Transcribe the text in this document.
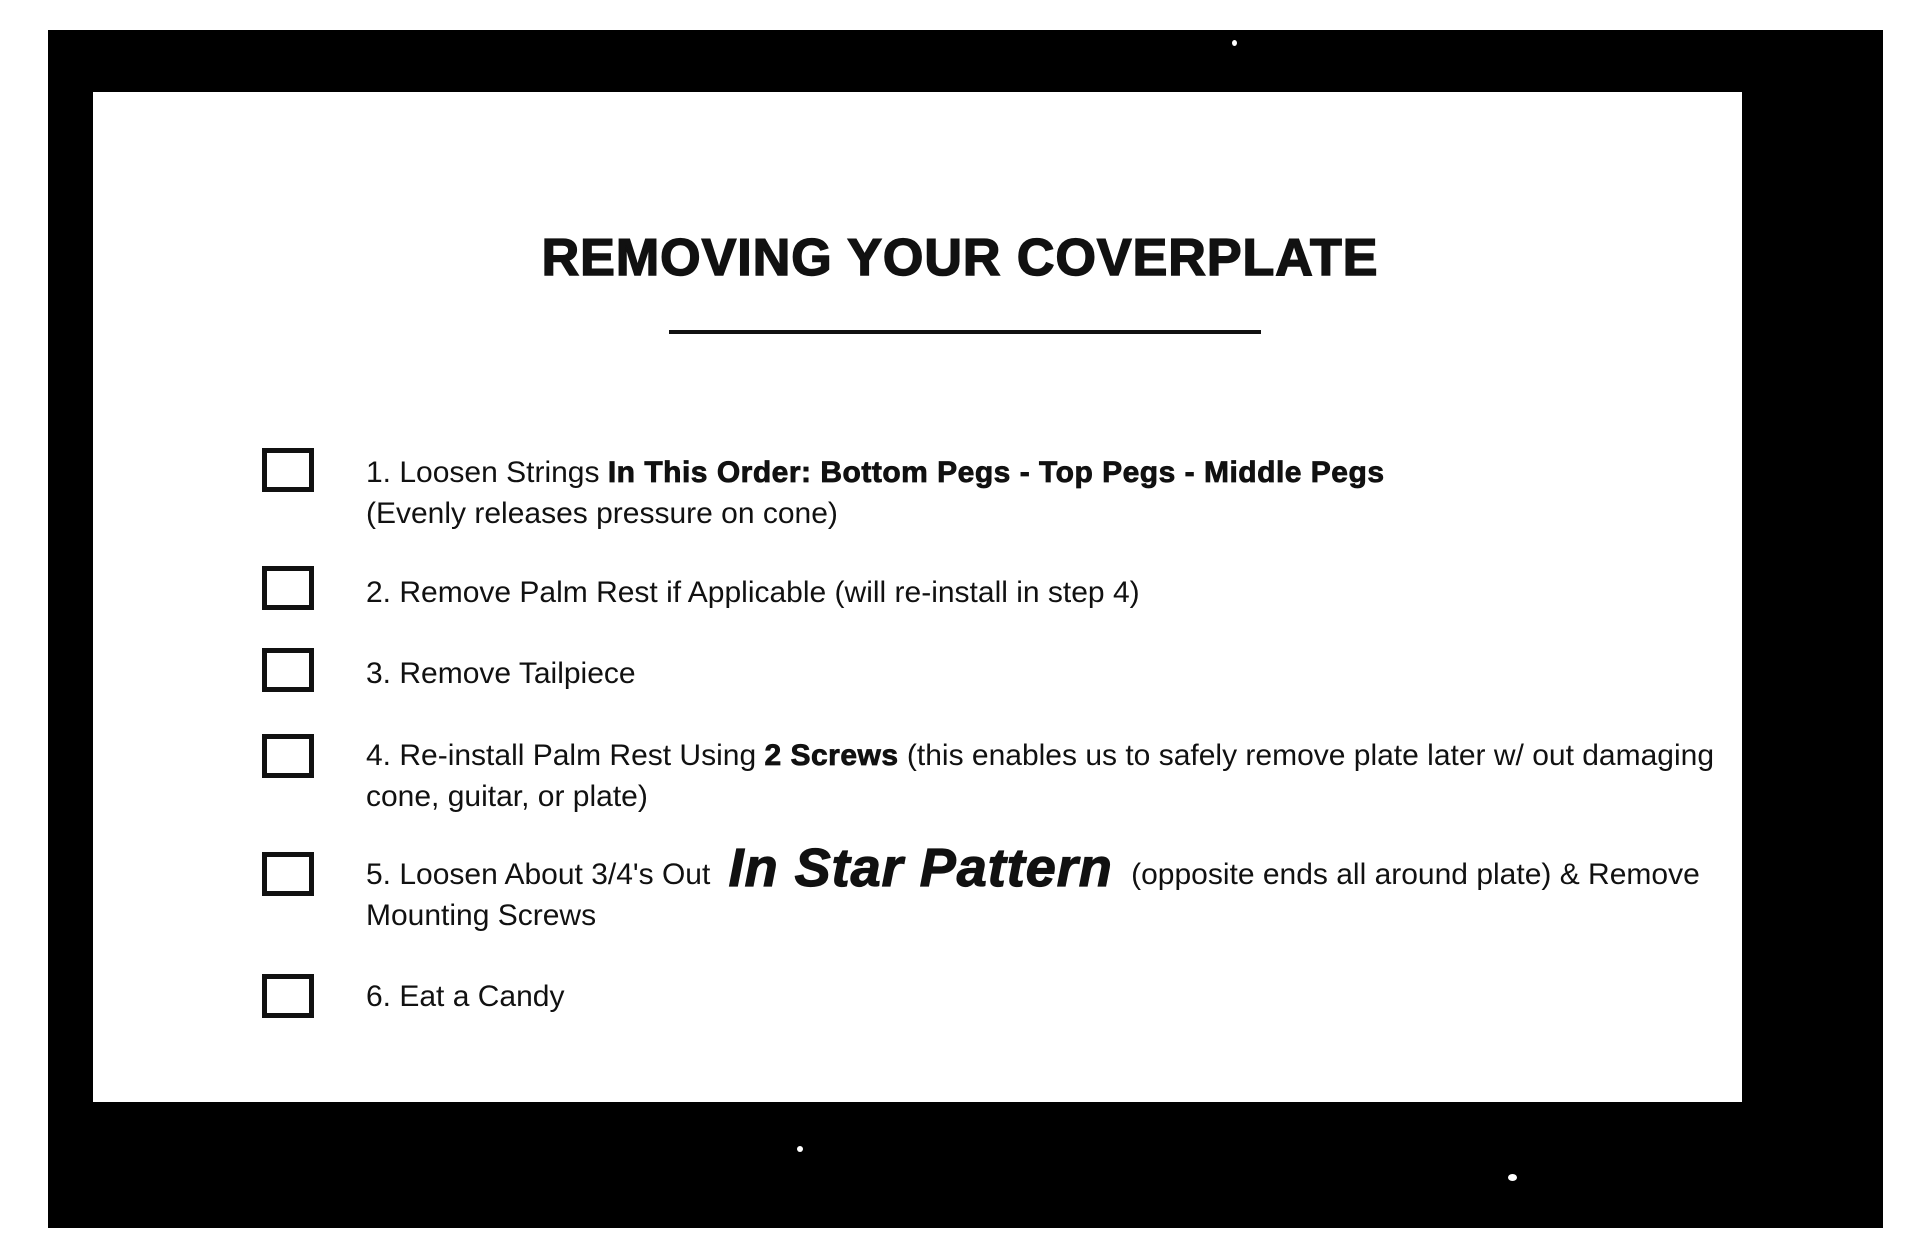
REMOVING YOUR COVERPLATE
1. Loosen Strings In This Order: Bottom Pegs - Top Pegs - Middle Pegs
(Evenly releases pressure on cone)
2. Remove Palm Rest if Applicable (will re-install in step 4)
3. Remove Tailpiece
4. Re-install Palm Rest Using 2 Screws (this enables us to safely remove plate later w/ out damaging cone, guitar, or plate)
5. Loosen About 3/4's Out In Star Pattern (opposite ends all around plate) & Remove Mounting Screws
6. Eat a Candy
